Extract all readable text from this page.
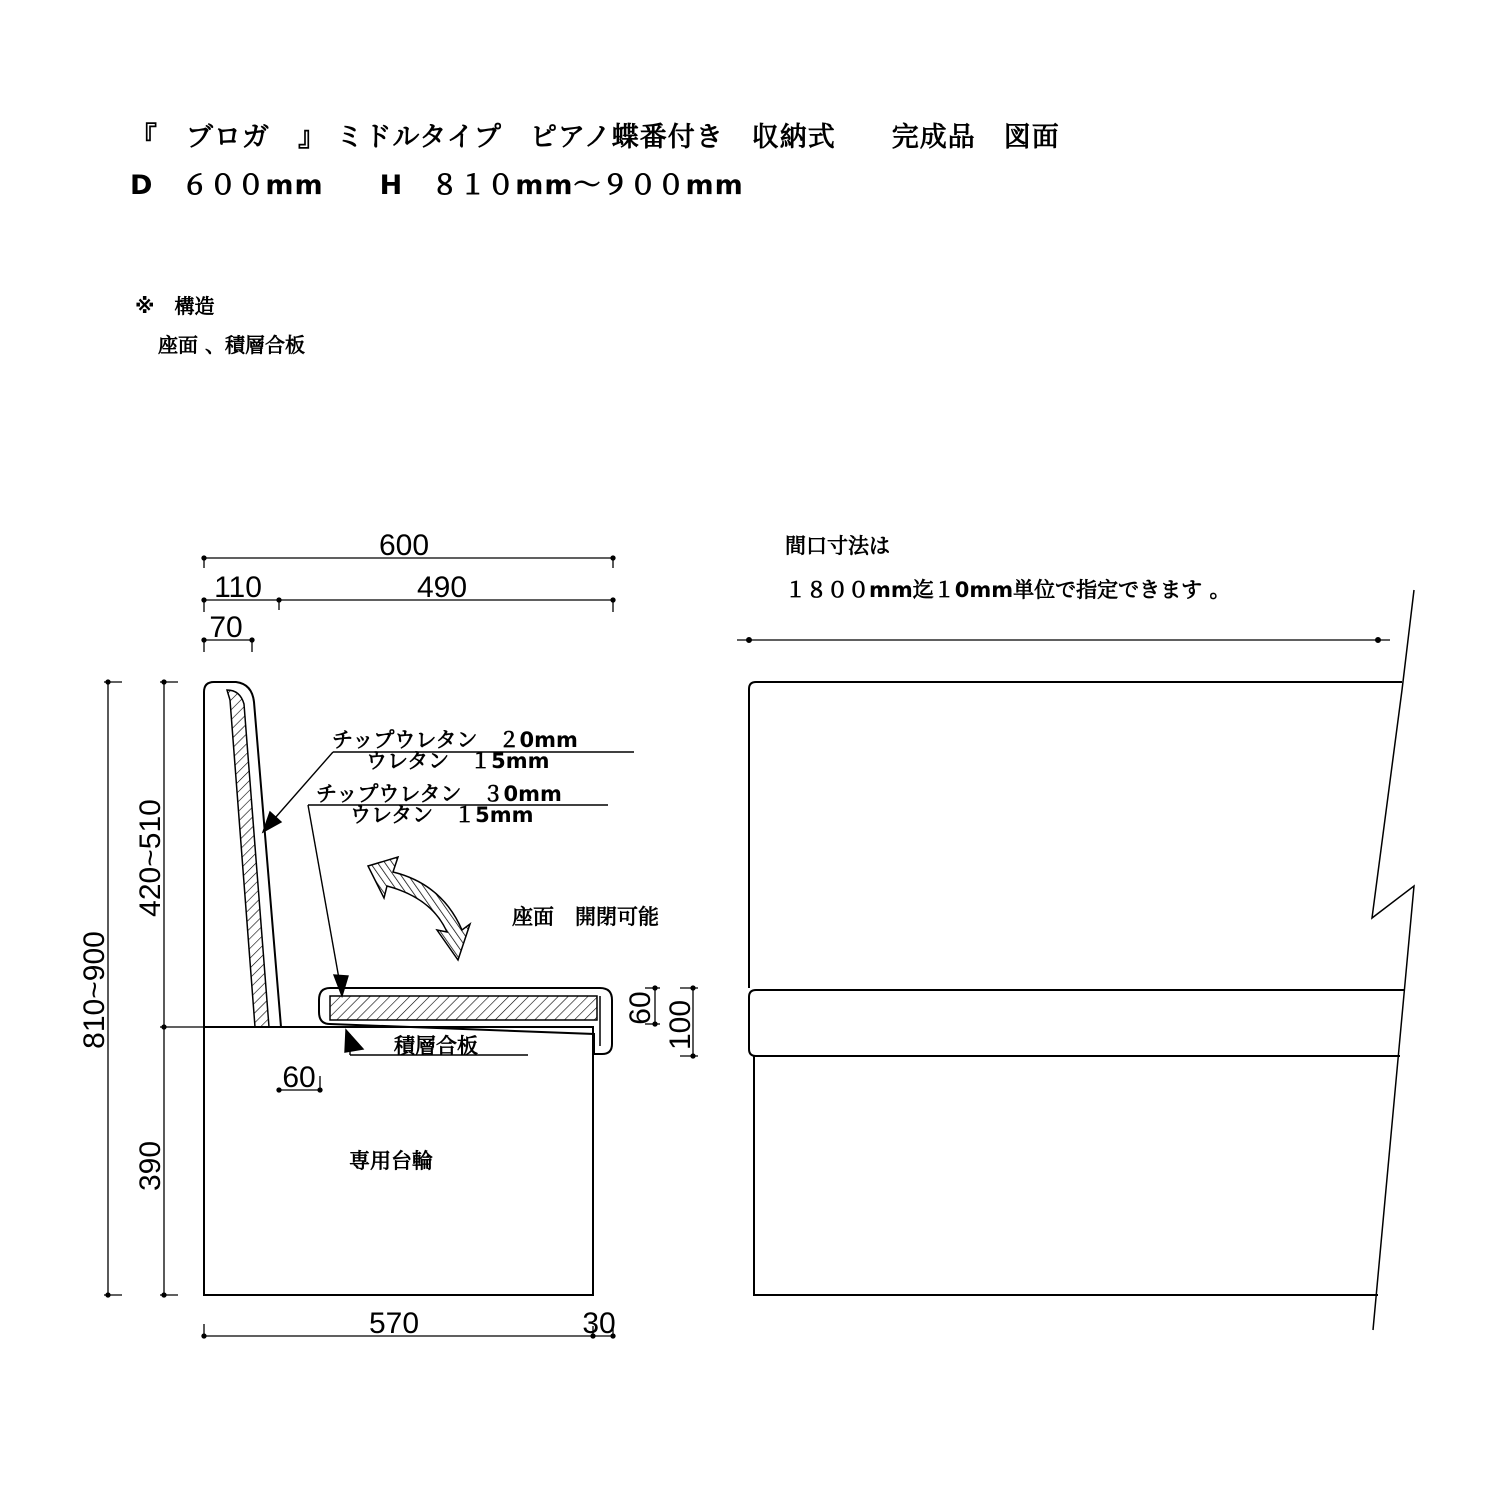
『　ブロガ　』 ミドルタイプ　ピアノ蝶番付き　収納式　　完成品　図面
D　６００mm　　H　８１０mm～９００mm
※　構造
座面 、積層合板
600
110	490
70
570	30
60
810~900
420~510
390
60 100
チップウレタン　２0mm
ウレタン　１5mm
チップウレタン　３0mm
ウレタン　１5mm
座面　開閉可能
積層合板
専用台輪
間口寸法は
１８００mm迄１0mm単位で指定できます 。
